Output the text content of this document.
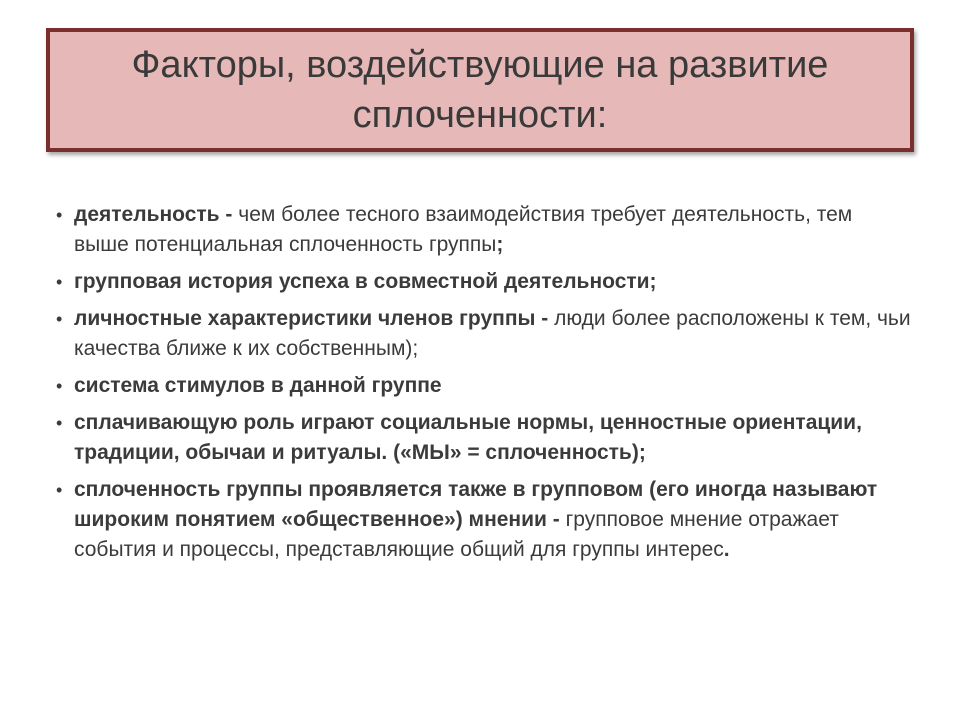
Факторы, воздействующие на развитие
сплоченности:
• деятельность - чем более тесного взаимодействия требует деятельность, тем выше потенциальная сплоченность группы;
• групповая история успеха в совместной деятельности;
• личностные характеристики членов группы - люди более расположены к тем, чьи качества ближе к их собственным);
• система стимулов в данной группе
• сплачивающую роль играют социальные нормы, ценностные ориентации, традиции, обычаи и ритуалы. («МЫ» = сплоченность);
• сплоченность группы проявляется также в групповом (его иногда называют широким понятием «общественное») мнении - групповое мнение отражает события и процессы, представляющие общий для группы интерес.
